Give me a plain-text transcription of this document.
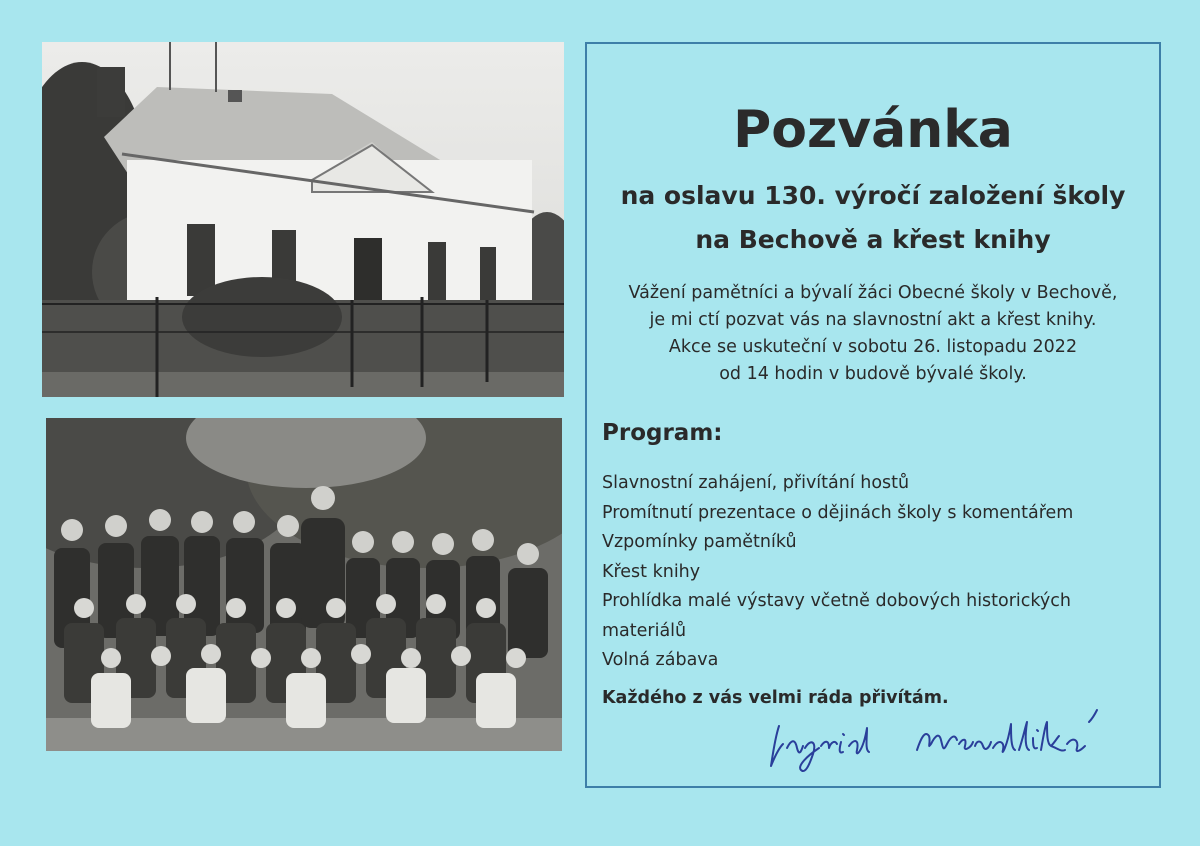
Pozvánka
na oslavu 130. výročí založení školy
na Bechově a křest knihy
Vážení pamětníci a bývalí žáci Obecné školy v Bechově,
je mi ctí pozvat vás na slavnostní akt a křest knihy.
Akce se uskuteční v sobotu 26. listopadu 2022
od 14 hodin v budově bývalé školy.
Program:
Slavnostní zahájení, přivítání hostů
Promítnutí prezentace o dějinách školy s komentářem
Vzpomínky pamětníků
Křest knihy
Prohlídka malé výstavy včetně dobových historických
materiálů
Volná zábava
Každého z vás velmi ráda přivítám.
